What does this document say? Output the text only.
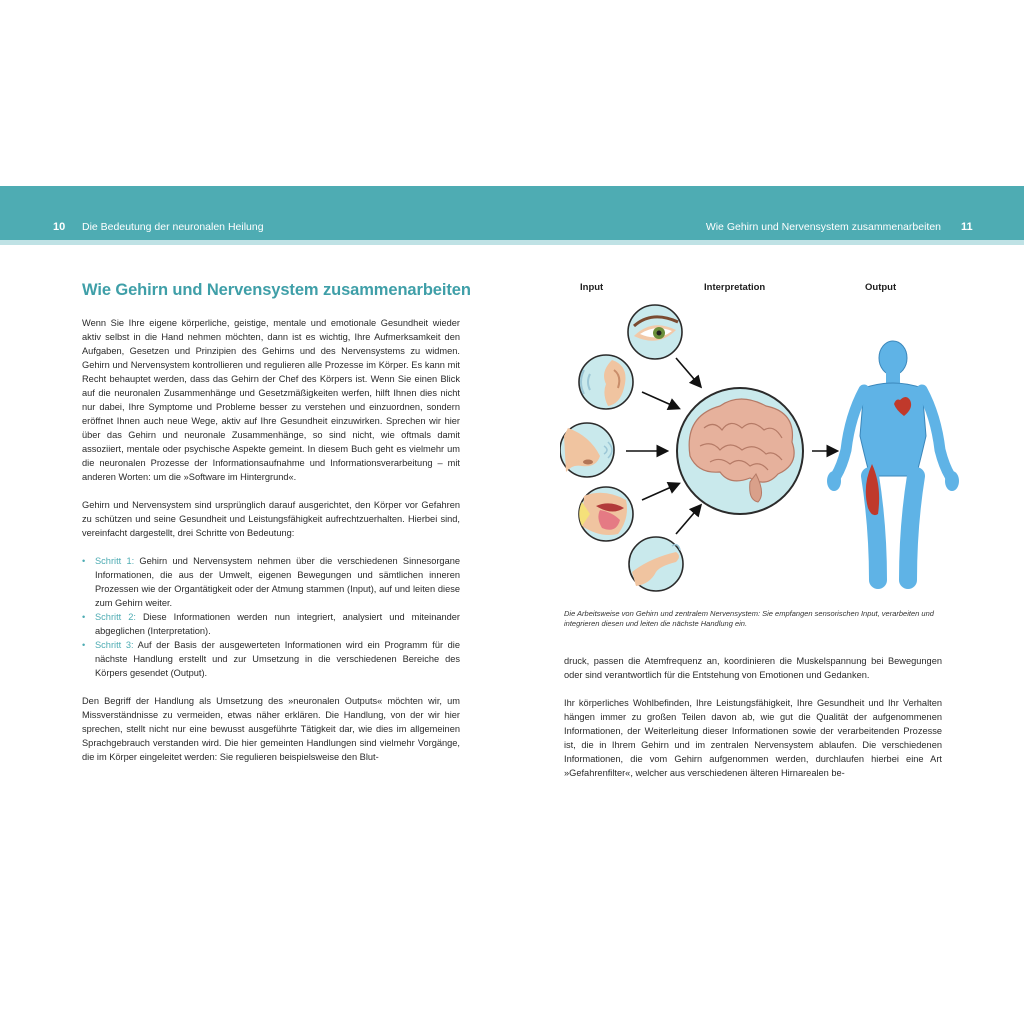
10 Die Bedeutung der neuronalen Heilung	Wie Gehirn und Nervensystem zusammenarbeiten 11
Wie Gehirn und Nervensystem zusammenarbeiten

Wenn Sie Ihre eigene körperliche, geistige, mentale und emotionale Gesundheit wieder aktiv selbst in die Hand nehmen möchten, dann ist es wichtig, Ihre Aufmerksamkeit den Aufgaben, Gesetzen und Prinzipien des Gehirns und des Nervensystems zu widmen. Gehirn und Nervensystem kontrollieren und regulieren alle Prozesse im Körper. Es kann mit Recht behauptet werden, dass das Gehirn der Chef des Körpers ist. Wenn Sie einen Blick auf die neuronalen Zusammenhänge und Gesetzmäßigkeiten werfen, hilft Ihnen dies nicht nur dabei, Ihre Symptome und Probleme besser zu verstehen und einzuordnen, sondern eröffnet Ihnen auch neue Wege, aktiv auf Ihre Gesundheit einzuwirken. Sprechen wir hier über das Gehirn und neuronale Zusammenhänge, so sind nicht, wie oftmals damit assoziiert, mentale oder psychische Aspekte gemeint. In diesem Buch geht es vielmehr um die neuronalen Prozesse der Informationsaufnahme und Informationsverarbeitung – mit anderen Worten: um die »Software im Hintergrund«.

Gehirn und Nervensystem sind ursprünglich darauf ausgerichtet, den Körper vor Gefahren zu schützen und seine Gesundheit und Leistungsfähigkeit aufrechtzuerhalten. Hierbei sind, vereinfacht dargestellt, drei Schritte von Bedeutung:

• Schritt 1: Gehirn und Nervensystem nehmen über die verschiedenen Sinnesorgane Informationen, die aus der Umwelt, eigenen Bewegungen und sämtlichen inneren Prozessen wie der Organtätigkeit oder der Atmung stammen (Input), auf und leiten diese zum Gehirn weiter.
• Schritt 2: Diese Informationen werden nun integriert, analysiert und miteinander abgeglichen (Interpretation).
• Schritt 3: Auf der Basis der ausgewerteten Informationen wird ein Programm für die nächste Handlung erstellt und zur Umsetzung in die verschiedenen Bereiche des Körpers gesendet (Output).

Den Begriff der Handlung als Umsetzung des »neuronalen Outputs« möchten wir, um Missverständnisse zu vermeiden, etwas näher erklären. Die Handlung, von der wir hier sprechen, stellt nicht nur eine bewusst ausgeführte Tätigkeit dar, wie dies im allgemeinen Sprachgebrauch verstanden wird. Die hier gemeinten Handlungen sind vielmehr Vorgänge, die im Körper eingeleitet werden: Sie regulieren beispielsweise den Blut-

Input	Interpretation	Output
Die Arbeitsweise von Gehirn und zentralem Nervensystem: Sie empfangen sensorischen Input, verarbeiten und integrieren diesen und leiten die nächste Handlung ein.

druck, passen die Atemfrequenz an, koordinieren die Muskelspannung bei Bewegungen oder sind verantwortlich für die Entstehung von Emotionen und Gedanken.

Ihr körperliches Wohlbefinden, Ihre Leistungsfähigkeit, Ihre Gesundheit und Ihr Verhalten hängen immer zu großen Teilen davon ab, wie gut die Qualität der aufgenommenen Informationen, der Weiterleitung dieser Informationen sowie der verarbeitenden Prozesse ist, die in Ihrem Gehirn und im zentralen Nervensystem ablaufen. Die verschiedenen Informationen, die vom Gehirn aufgenommen werden, durchlaufen hierbei eine Art »Gefahrenfilter«, welcher aus verschiedenen älteren Hirnarealen be-
